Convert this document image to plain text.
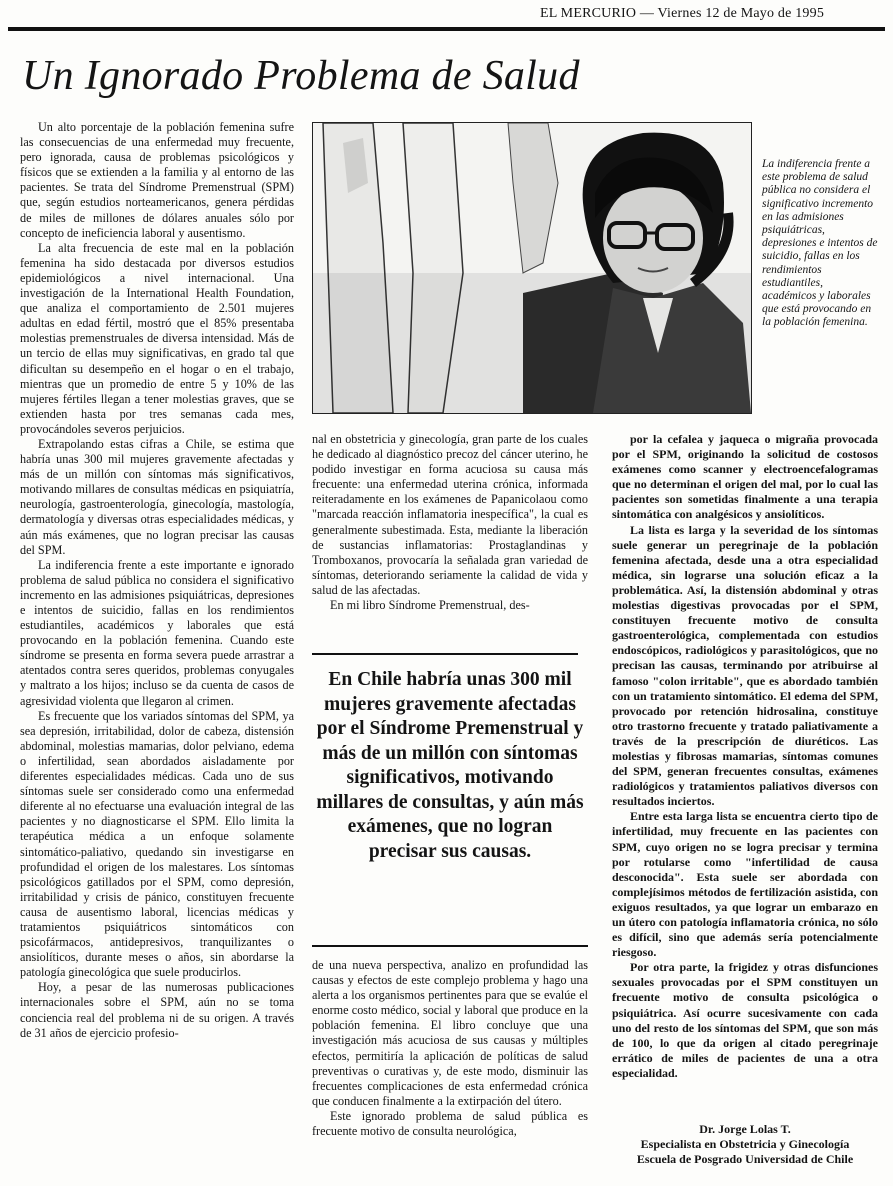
EL MERCURIO — Viernes 12 de Mayo de 1995
Un Ignorado Problema de Salud

Un alto porcentaje de la población femenina sufre las consecuencias de una enfermedad muy frecuente, pero ignorada, causa de problemas psicológicos y físicos que se extienden a la familia y al entorno de las pacientes. Se trata del Síndrome Premenstrual (SPM) que, según estudios norteamericanos, genera pérdidas de miles de millones de dólares anuales sólo por concepto de ineficiencia laboral y ausentismo.

La alta frecuencia de este mal en la población femenina ha sido destacada por diversos estudios epidemiológicos a nivel internacional. Una investigación de la International Health Foundation, que analiza el comportamiento de 2.501 mujeres adultas en edad fértil, mostró que el 85% presentaba molestias premenstruales de diversa intensidad. Más de un tercio de ellas muy significativas, en grado tal que dificultan su desempeño en el hogar o en el trabajo, mientras que un promedio de entre 5 y 10% de las mujeres fértiles llegan a tener molestias graves, que se extienden hasta por tres semanas cada mes, provocándoles severos perjuicios.

Extrapolando estas cifras a Chile, se estima que habría unas 300 mil mujeres gravemente afectadas y más de un millón con síntomas más significativos, motivando millares de consultas médicas en psiquiatría, neurología, gastroenterología, ginecología, mastología, dermatología y diversas otras especialidades médicas, y aún más exámenes, que no logran precisar las causas del SPM.

La indiferencia frente a este importante e ignorado problema de salud pública no considera el significativo incremento en las admisiones psiquiátricas, depresiones e intentos de suicidio, fallas en los rendimientos estudiantiles, académicos y laborales que está provocando en la población femenina. Cuando este síndrome se presenta en forma severa puede arrastrar a atentados contra seres queridos, problemas conyugales y maltrato a los hijos; incluso se da cuenta de casos de agresividad violenta que llegaron al crimen.

Es frecuente que los variados síntomas del SPM, ya sea depresión, irritabilidad, dolor de cabeza, distensión abdominal, molestias mamarias, dolor pelviano, edema o infertilidad, sean abordados aisladamente por diferentes especialidades médicas. Cada uno de sus síntomas suele ser considerado como una enfermedad diferente al no efectuarse una evaluación integral de las pacientes y no diagnosticarse el SPM. Ello limita la terapéutica médica a un enfoque solamente sintomático-paliativo, quedando sin investigarse en profundidad el origen de los malestares. Los síntomas psicológicos gatillados por el SPM, como depresión, irritabilidad y crisis de pánico, constituyen frecuente causa de ausentismo laboral, licencias médicas y tratamientos psiquiátricos sintomáticos con psicofármacos, antidepresivos, tranquilizantes o ansiolíticos, durante meses o años, sin abordarse la patología ginecológica que suele producirlos.

Hoy, a pesar de las numerosas publicaciones internacionales sobre el SPM, aún no se toma conciencia real del problema ni de su origen. A través de 31 años de ejercicio profesio-

La indiferencia frente a este problema de salud pública no considera el significativo incremento en las admisiones psiquiátricas, depresiones e intentos de suicidio, fallas en los rendimientos estudiantiles, académicos y laborales que está provocando en la población femenina.

nal en obstetricia y ginecología, gran parte de los cuales he dedicado al diagnóstico precoz del cáncer uterino, he podido investigar en forma acuciosa su causa más frecuente: una enfermedad uterina crónica, informada reiteradamente en los exámenes de Papanicolaou como "marcada reacción inflamatoria inespecífica", la cual es generalmente subestimada. Esta, mediante la liberación de sustancias inflamatorias: Prostaglandinas y Tromboxanos, provocaría la señalada gran variedad de síntomas, deteriorando seriamente la calidad de vida y salud de las afectadas.

En mi libro Síndrome Premenstrual, des-

En Chile habría unas 300 mil mujeres gravemente afectadas por el Síndrome Premenstrual y más de un millón con síntomas significativos, motivando millares de consultas, y aún más exámenes, que no logran precisar sus causas.

de una nueva perspectiva, analizo en profundidad las causas y efectos de este complejo problema y hago una alerta a los organismos pertinentes para que se evalúe el enorme costo médico, social y laboral que produce en la población femenina. El libro concluye que una investigación más acuciosa de sus causas y múltiples efectos, permitiría la aplicación de políticas de salud preventivas o curativas y, de este modo, disminuir las frecuentes complicaciones de esta enfermedad crónica que conducen finalmente a la extirpación del útero.

Este ignorado problema de salud pública es frecuente motivo de consulta neurológica,

por la cefalea y jaqueca o migraña provocada por el SPM, originando la solicitud de costosos exámenes como scanner y electroencefalogramas que no determinan el origen del mal, por lo cual las pacientes son sometidas finalmente a una terapia sintomática con analgésicos y ansiolíticos.

La lista es larga y la severidad de los síntomas suele generar un peregrinaje de la población femenina afectada, desde una a otra especialidad médica, sin lograrse una solución eficaz a la problemática. Así, la distensión abdominal y otras molestias digestivas provocadas por el SPM, constituyen frecuente motivo de consulta gastroenterológica, complementada con estudios endoscópicos, radiológicos y parasitológicos, que no precisan las causas, terminando por atribuirse al famoso "colon irritable", que es abordado también con un tratamiento sintomático. El edema del SPM, provocado por retención hidrosalina, constituye otro trastorno frecuente y tratado paliativamente a través de la prescripción de diuréticos. Las molestias y fibrosas mamarias, síntomas comunes del SPM, generan frecuentes consultas, exámenes radiológicos y tratamientos paliativos diversos con resultados inciertos.

Entre esta larga lista se encuentra cierto tipo de infertilidad, muy frecuente en las pacientes con SPM, cuyo origen no se logra precisar y termina por rotularse como "infertilidad de causa desconocida". Esta suele ser abordada con complejísimos métodos de fertilización asistida, con exiguos resultados, ya que lograr un embarazo en un útero con patología inflamatoria crónica, no sólo es difícil, sino que además sería potencialmente riesgoso.

Por otra parte, la frigidez y otras disfunciones sexuales provocadas por el SPM constituyen un frecuente motivo de consulta psicológica o psiquiátrica. Así ocurre sucesivamente con cada uno del resto de los síntomas del SPM, que son más de 100, lo que da origen al citado peregrinaje errático de miles de pacientes de una a otra especialidad.

Dr. Jorge Lolas T.
Especialista en Obstetricia y Ginecología
Escuela de Posgrado Universidad de Chile
